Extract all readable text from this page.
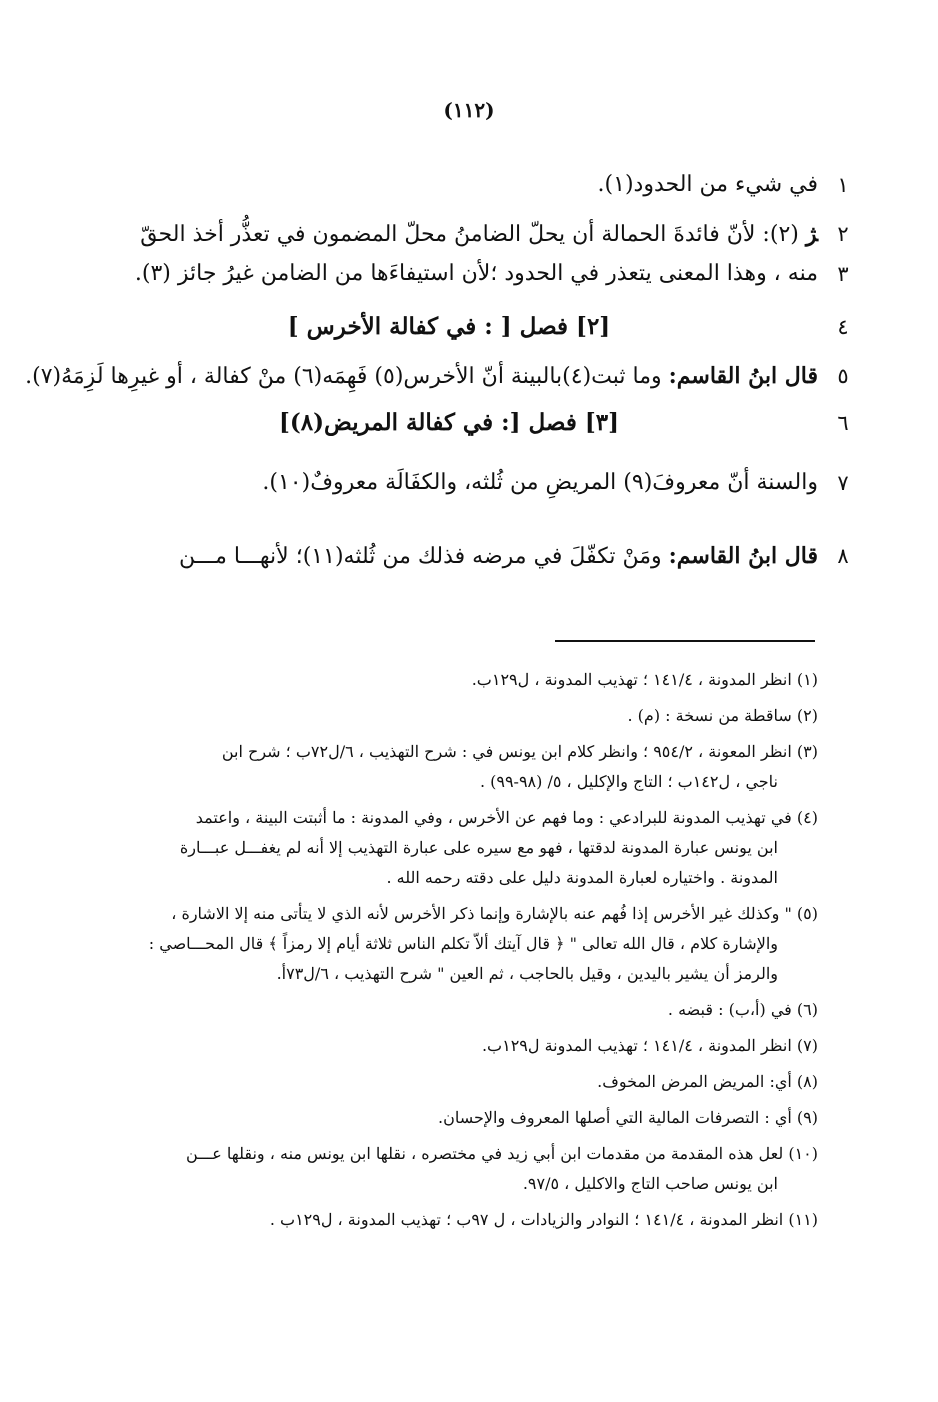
(١١٢)
١
في شيء من الحدود(١).
٢
ﮋ (٢): لأنّ فائدةَ الحمالة أن يحلّ الضامنُ محلّ المضمون في تعذُّر أخذ الحقّ
٣
منه ، وهذا المعنى يتعذر في الحدود ؛لأن استيفاءَها من الضامن غيرُ جائز (٣).
٤
[٢] فصل [ : في كفالة الأخرس ]
٥
قال ابنُ القاسم: وما ثبت(٤)بالبينة أنّ الأخرس(٥) فَهِمَه(٦) منْ كفالة ، أو غيرِها لَزِمَهُ(٧).
٦
[٣] فصل [: في كفالة المريض(٨)]
٧
والسنة أنّ معروفَ(٩) المريضِ من ثُلثه، والكفَالَة معروفٌ(١٠).
٨
قال ابنُ القاسم: ومَنْ تكفّلَ في مرضه فذلك من ثُلثه(١١)؛ لأنهـــا مـــن
(١) انظر المدونة ، ١٤١/٤ ؛ تهذيب المدونة ، ل١٢٩ب.
(٢) ساقطة من نسخة : (م) .
(٣) انظر المعونة ، ٩٥٤/٢ ؛ وانظر كلام ابن يونس في : شرح التهذيب ، ٦/ل٧٢ب ؛ شرح ابن
ناجي ، ل١٤٢ب ؛ التاج والإكليل ، ٥/ (٩٨-٩٩) .
(٤) في تهذيب المدونة للبرادعي : وما فهم عن الأخرس ، وفي المدونة : ما أثبتت البينة ، واعتمد
ابن يونس عبارة المدونة لدقتها ، فهو مع سيره على عبارة التهذيب إلا أنه لم يغفـــل عبـــارة
المدونة . واختياره لعبارة المدونة دليل على دقته رحمه الله .
(٥) " وكذلك غير الأخرس إذا فُهم عنه بالإشارة وإنما ذكر الأخرس لأنه الذي لا يتأتى منه إلا الاشارة ،
والإشارة كلام ، قال الله تعالى " ﴿ قال آيتك ألاّ تكلم الناس ثلاثة أيام إلا رمزاً ﴾ قال المحـــاصي :
والرمز أن يشير باليدين ، وقيل بالحاجب ، ثم العين " شرح التهذيب ، ٦/ل٧٣أ.
(٦) في (أ،ب) : قبضه .
(٧) انظر المدونة ، ١٤١/٤ ؛ تهذيب المدونة ل١٢٩ب.
(٨) أي: المريض المرض المخوف.
(٩) أي : التصرفات المالية التي أصلها المعروف والإحسان.
(١٠) لعل هذه المقدمة من مقدمات ابن أبي زيد في مختصره ، نقلها ابن يونس منه ، ونقلها عـــن
ابن يونس صاحب التاج والاكليل ، ٩٧/٥.
(١١) انظر المدونة ، ١٤١/٤ ؛ النوادر والزيادات ، ل ٩٧ب ؛ تهذيب المدونة ، ل١٢٩ب .
